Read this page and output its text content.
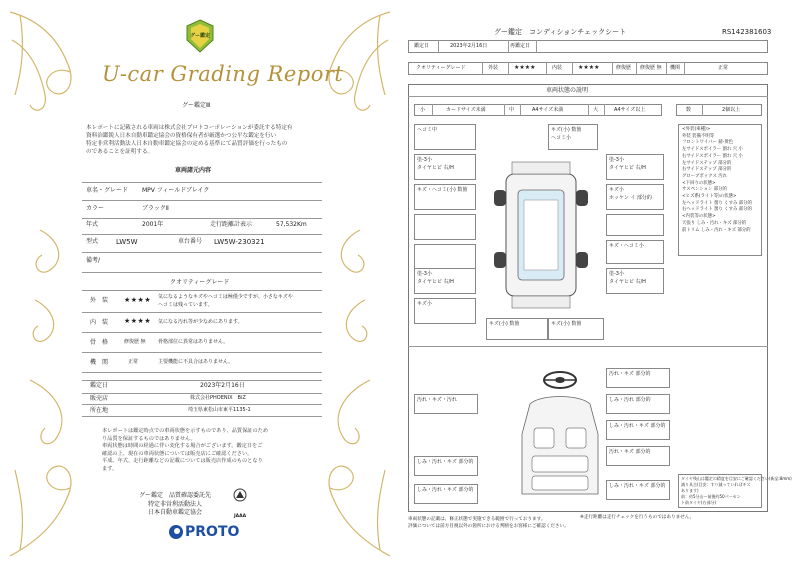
グー鑑定
U-car Grading Report
グー鑑定Ⅲ
本レポートに記載される車両は株式会社プロトコーポレーションが委託する特定有
資料治鑑鋭人日本自動車鑑定協会の資格保有者が厳選かつ公平な鑑定を行い
特定非営利活動法人日本自動車鑑定協会の定める基準にて品質評価を行ったもの
のであることを証明する。
車両諸元内容
車名・グレード MPV フィールドブレイク
カラー	ブラックⅡ
年式	2001年	走行距離計表示	57,532Km
型式	LW5W	車台番号 LW5W-230321
備考/
クオリティーグレード
外　装 ★★★★ 気になるようなキズやヘコミは極僅少ですが、小さなキズや
ヘコミは残っています。
内　装 ★★★★ 気になる汚れ等が少なめにあります。
骨　格	修復歴 無 骨格部位に異常はありません。
機　関	正常	主要機能に不具合はありません。
鑑定日	2023年2月16日
販売店	株式会社PHOENIX　BiZ
所在地	埼玉県東松山市東平1135-1
本レポートは鑑定時点での車両状態を示すものであり、品質保証のため
り品質を保証するものではありません。
車両状態は時間の経過に伴い変化する場合がございます。鑑定日をご
確認の上、現在の車両状態については販売店にご確認ください。
平成、年式、走行距離などの記載については販売店作成のものとなり
ます。
グー鑑定　品質確認委託先
特定非営利活動法人
日本自動車鑑定協会
JAAA
PROTO
グー鑑定　コンディションチェックシート	RS142381603
鑑定日	2023年2月16日	再鑑定日
クオリティーグレード	外装	★★★★	内装	★★★★	修復歴 修復歴 無 機関	正常
車両状態の説明
小	カードサイズ未満	中	A4サイズ未満	大	A4サイズ以上	数	2個以上
ヘコミ中
塗-3小
タイヤヒビ 右/H
キズ・ヘコミ(小) 数箇
塗-3小
タイヤヒビ 右/H
キズ小
キズ(小) 数箇
キズ(小) 数箇
ヘコミ小
塗-3小
タイヤヒビ 右/H
キズ小
ホッケン イ 部分的
キズ・ヘコミ小
塗-3小
タイヤヒビ 右/H
キズ(小) 数箇
<外装(車種)>
外装 装備不明等
フロントワイパー 錆-黄色
左サイドスポイラー 割れ 穴 小
右サイドスポイラー 割れ 穴 小
左サイドステップ 部分的
右サイドステップ 部分的
グローブボックス 汚れ
<下回りの状態>
サスペンション 部分的
<ヒズ系(ライト等)の状態>
左ヘッドライト 曇り くすみ 部分的
右ヘッドライト 曇り くすみ 部分的
<内装等の状態>
天張り しみ・汚れ・キズ 部分的
前トリム しみ・汚れ・キズ 部分的
汚れ・キズ 部分的
しみ・汚れ 部分的
しみ・汚れ・キズ 部分的
汚れ・キズ 部分的
しみ・汚れ・キズ 部分的
汚れ・キズ・汚れ
しみ・汚れ・キズ 部分的
しみ・汚れ・キズ 部分的
タイヤ残山は鑑定の精度を目安にご確認ください(新品:8mm)
減り具合(目安：すり減っていればキズ
あります)
前：約5分山～前後約50パーセン
ト前タイヤ(右部分)
車両状態の記載は、修正状態で実施できる範囲で行っております。
評価については前方目視以外の箇所における判断をお客様にご確認ください。
※走行距離は走行チェックを行うものではありません。
